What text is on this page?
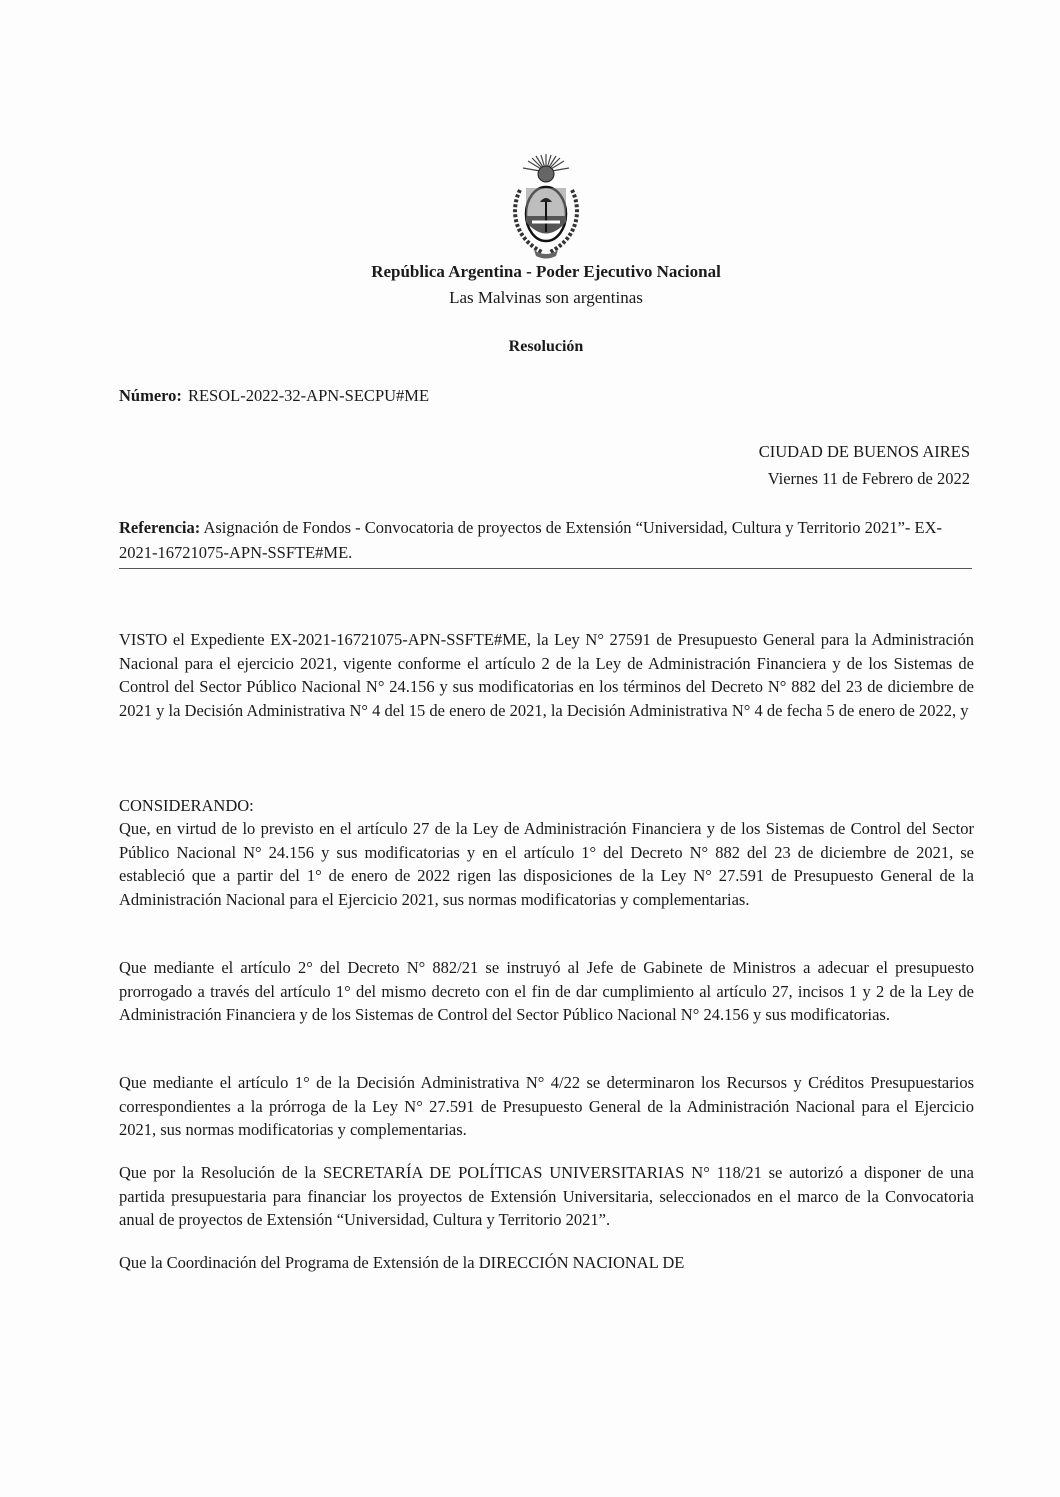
República Argentina - Poder Ejecutivo Nacional
Las Malvinas son argentinas
Resolución
Número: RESOL-2022-32-APN-SECPU#ME
CIUDAD DE BUENOS AIRES
Viernes 11 de Febrero de 2022
Referencia: Asignación de Fondos - Convocatoria de proyectos de Extensión “Universidad, Cultura y Territorio 2021”- EX-2021-16721075-APN-SSFTE#ME.
VISTO el Expediente EX-2021-16721075-APN-SSFTE#ME, la Ley N° 27591 de Presupuesto General para la Administración Nacional para el ejercicio 2021, vigente conforme el artículo 2 de la Ley de Administración Financiera y de los Sistemas de Control del Sector Público Nacional N° 24.156 y sus modificatorias en los términos del Decreto N° 882 del 23 de diciembre de 2021 y la Decisión Administrativa N° 4 del 15 de enero de 2021, la Decisión Administrativa N° 4 de fecha 5 de enero de 2022, y
CONSIDERANDO:
Que, en virtud de lo previsto en el artículo 27 de la Ley de Administración Financiera y de los Sistemas de Control del Sector Público Nacional N° 24.156 y sus modificatorias y en el artículo 1° del Decreto N° 882 del 23 de diciembre de 2021, se estableció que a partir del 1° de enero de 2022 rigen las disposiciones de la Ley N° 27.591 de Presupuesto General de la Administración Nacional para el Ejercicio 2021, sus normas modificatorias y complementarias.
Que mediante el artículo 2° del Decreto N° 882/21 se instruyó al Jefe de Gabinete de Ministros a adecuar el presupuesto prorrogado a través del artículo 1° del mismo decreto con el fin de dar cumplimiento al artículo 27, incisos 1 y 2 de la Ley de Administración Financiera y de los Sistemas de Control del Sector Público Nacional N° 24.156 y sus modificatorias.
Que mediante el artículo 1° de la Decisión Administrativa N° 4/22 se determinaron los Recursos y Créditos Presupuestarios correspondientes a la prórroga de la Ley N° 27.591 de Presupuesto General de la Administración Nacional para el Ejercicio 2021, sus normas modificatorias y complementarias.
Que por la Resolución de la SECRETARÍA DE POLÍTICAS UNIVERSITARIAS N° 118/21 se autorizó a disponer de una partida presupuestaria para financiar los proyectos de Extensión Universitaria, seleccionados en el marco de la Convocatoria anual de proyectos de Extensión “Universidad, Cultura y Territorio 2021”.
Que la Coordinación del Programa de Extensión de la DIRECCIÓN NACIONAL DE
